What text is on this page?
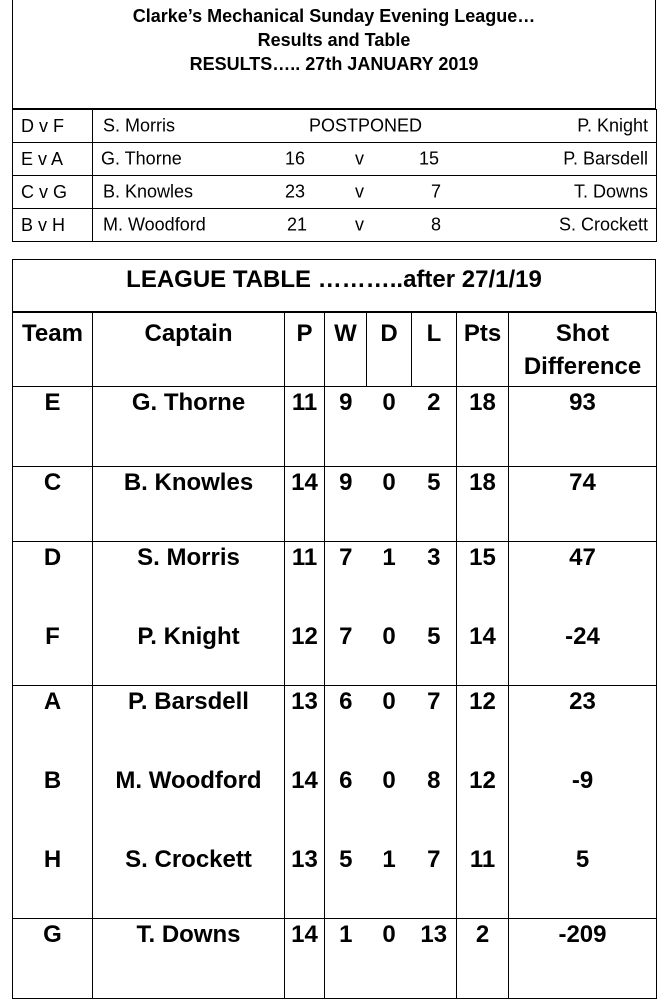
Clarke’s Mechanical Sunday Evening League…
Results and Table
RESULTS….. 27th JANUARY 2019
D v F	S. Morris POSTPONED P. Knight

E v A	G. Thorne 16 v 15 P. Barsdell

C v G	B. Knowles 23 v 7 T. Downs

B v H	M. Woodford 21 v 8 S. Crockett
LEAGUE TABLE ………..after 27/1/19
Team	Captain	P	W	D	L	Pts	Shot Difference
E	G. Thorne	11	9	0	2	18	93
C	B. Knowles	14	9	0	5	18	74
D	S. Morris	11	7	1	3	15	47
F	P. Knight	12	7	0	5	14	-24
A	P. Barsdell	13	6	0	7	12	23
B	M. Woodford	14	6	0	8	12	-9
H	S. Crockett	13	5	1	7	11	5
G	T. Downs	14	1	0	13	2	-209
